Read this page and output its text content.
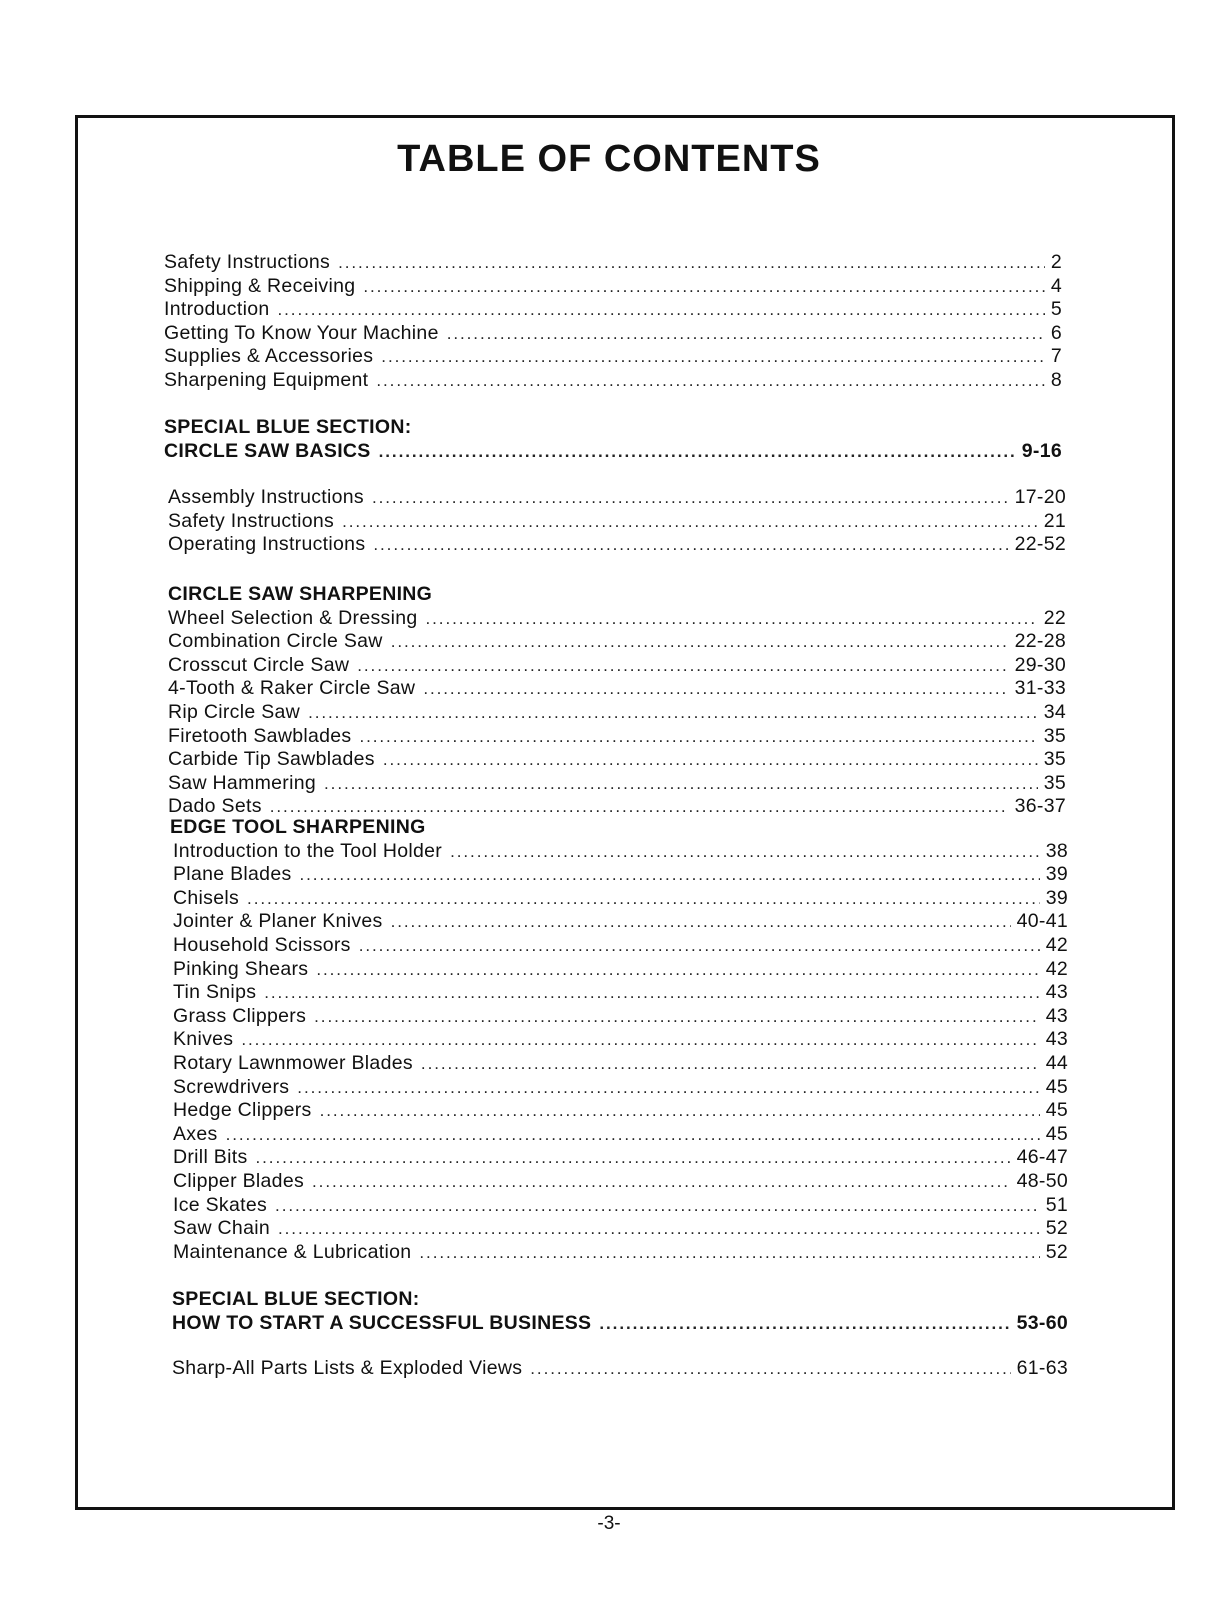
TABLE OF CONTENTS
Safety Instructions . . .	2
Shipping & Receiving . . .	4
Introduction . . .	5
Getting To Know Your Machine . . .	6
Supplies & Accessories . . .	7
Sharpening Equipment . . .	8
SPECIAL BLUE SECTION:
CIRCLE SAW BASICS . . .	9-16
Assembly Instructions . . .	17-20
Safety Instructions . . .	21
Operating Instructions . . .	22-52
CIRCLE SAW SHARPENING
Wheel Selection & Dressing . . .	22
Combination Circle Saw . . .	22-28
Crosscut Circle Saw . . .	29-30
4-Tooth & Raker Circle Saw . . .	31-33
Rip Circle Saw . . .	34
Firetooth Sawblades . . .	35
Carbide Tip Sawblades . . .	35
Saw Hammering . . .	35
Dado Sets . . .	36-37
EDGE TOOL SHARPENING
Introduction to the Tool Holder . . .	38
Plane Blades . . .	39
Chisels . . .	39
Jointer & Planer Knives . . .	40-41
Household Scissors . . .	42
Pinking Shears . . .	42
Tin Snips . . .	43
Grass Clippers . . .	43
Knives . . .	43
Rotary Lawnmower Blades . . .	44
Screwdrivers . . .	45
Hedge Clippers . . .	45
Axes . . .	45
Drill Bits . . .	46-47
Clipper Blades . . .	48-50
Ice Skates . . .	51
Saw Chain . . .	52
Maintenance & Lubrication . . .	52
SPECIAL BLUE SECTION:
HOW TO START A SUCCESSFUL BUSINESS . . .	53-60
Sharp-All Parts Lists & Exploded Views . . .	61-63
-3-
